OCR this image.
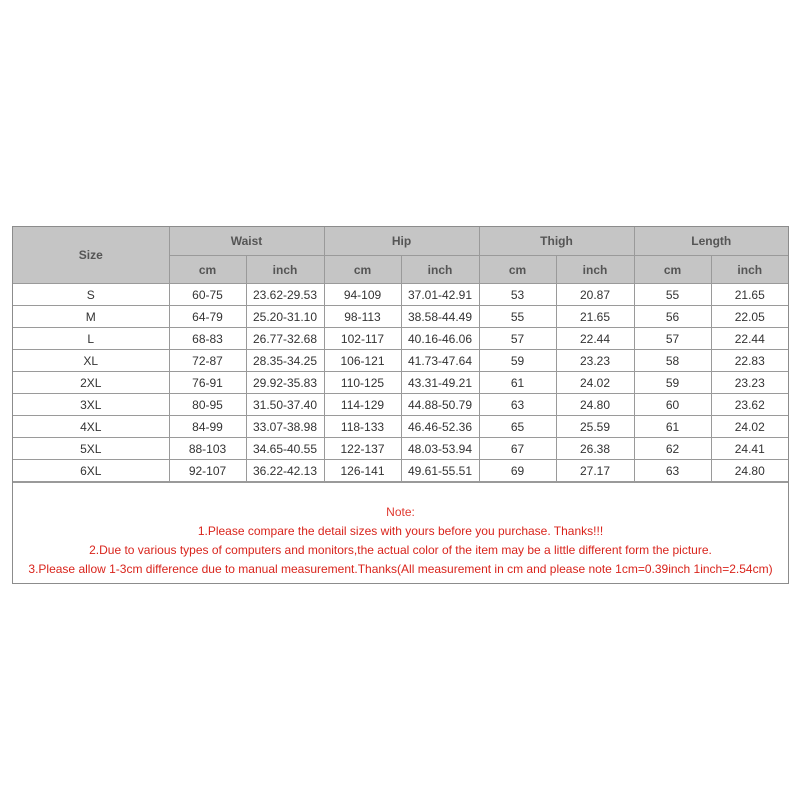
Size	Waist		Hip		Thigh		Length	
	cm	inch	cm	inch	cm	inch	cm	inch
S	60-75	23.62-29.53	94-109	37.01-42.91	53	20.87	55	21.65
M	64-79	25.20-31.10	98-113	38.58-44.49	55	21.65	56	22.05
L	68-83	26.77-32.68	102-117	40.16-46.06	57	22.44	57	22.44
XL	72-87	28.35-34.25	106-121	41.73-47.64	59	23.23	58	22.83
2XL	76-91	29.92-35.83	110-125	43.31-49.21	61	24.02	59	23.23
3XL	80-95	31.50-37.40	114-129	44.88-50.79	63	24.80	60	23.62
4XL	84-99	33.07-38.98	118-133	46.46-52.36	65	25.59	61	24.02
5XL	88-103	34.65-40.55	122-137	48.03-53.94	67	26.38	62	24.41
6XL	92-107	36.22-42.13	126-141	49.61-55.51	69	27.17	63	24.80
Note:
1.Please compare the detail sizes with yours before you purchase. Thanks!!!
2.Due to various types of computers and monitors,the actual color of the item may be a little different form the picture.
3.Please allow 1-3cm difference due to manual measurement.Thanks(All measurement in cm and please note 1cm=0.39inch 1inch=2.54cm)
